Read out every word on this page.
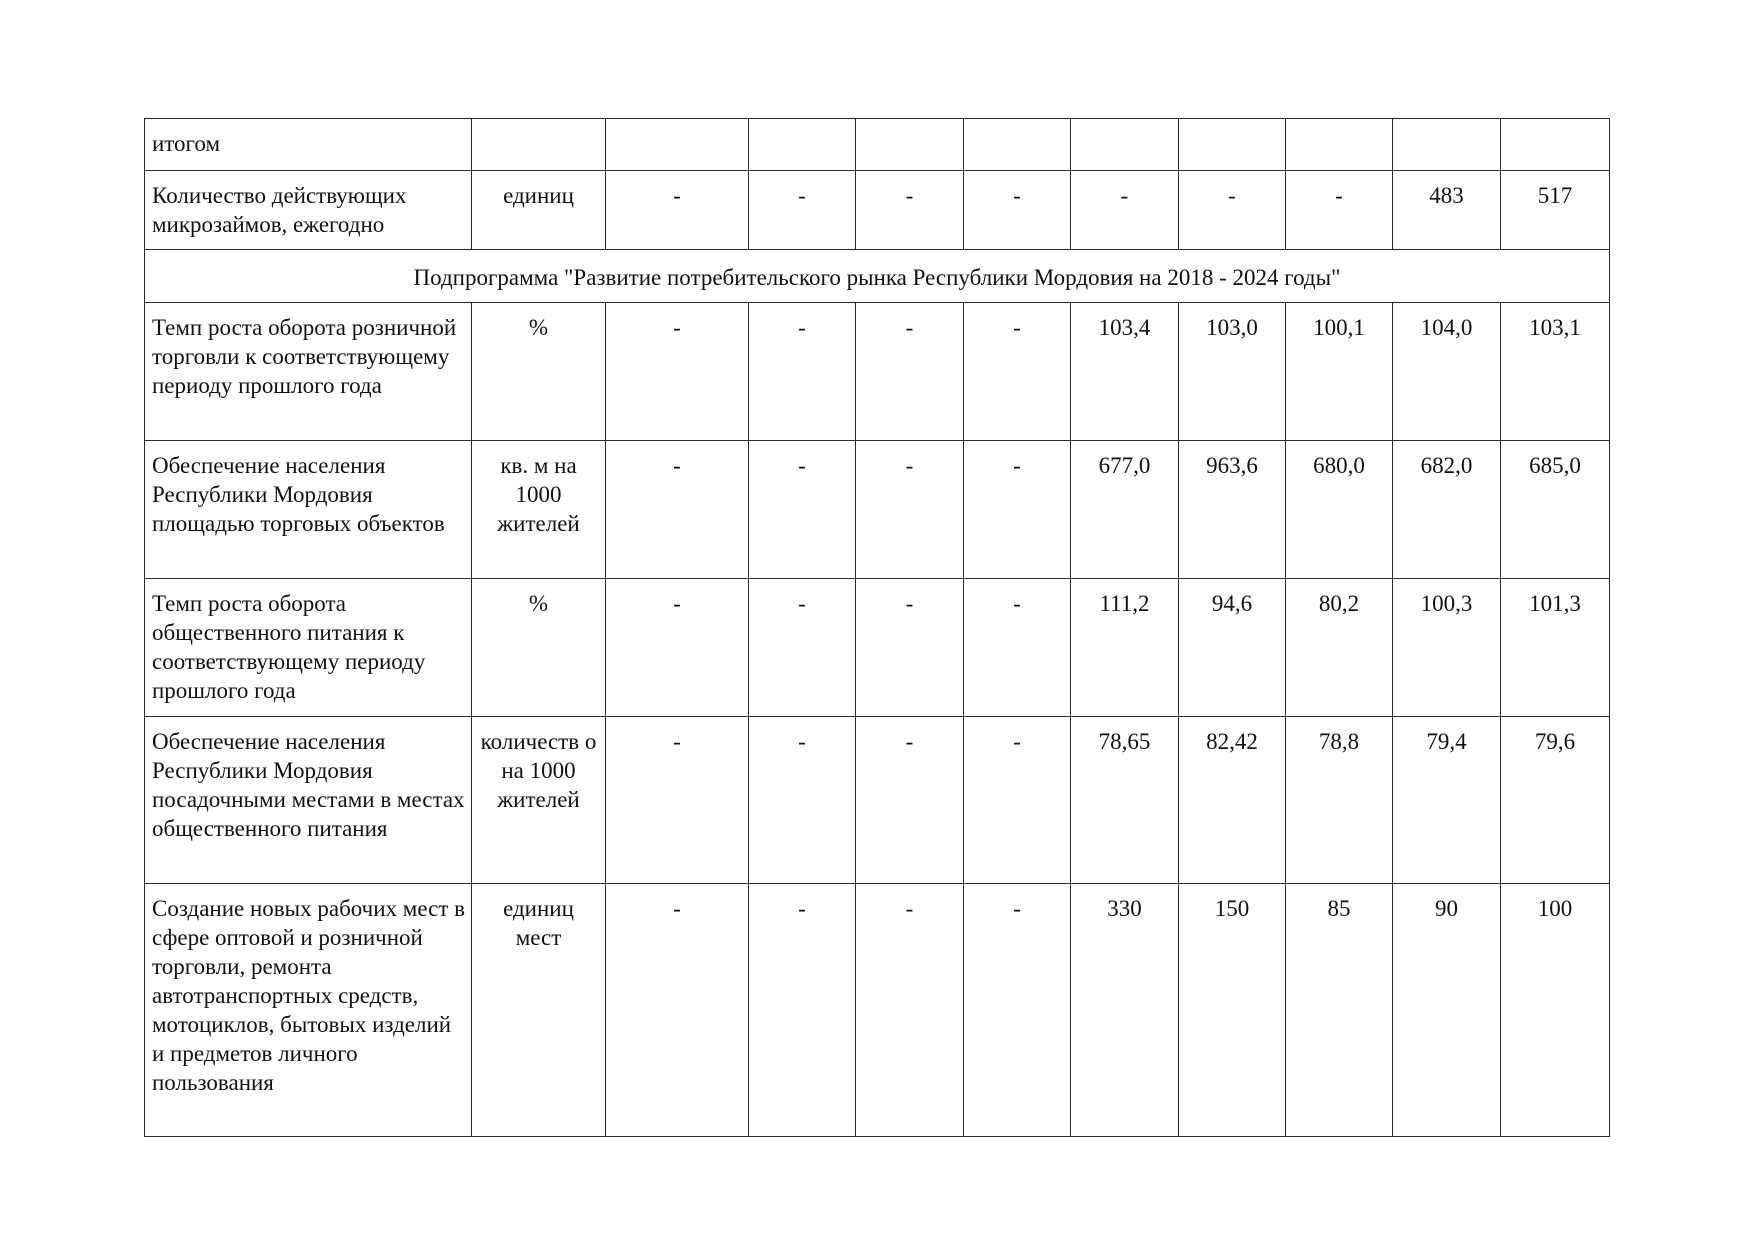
итогом										
Количество действующих микрозаймов, ежегодно	единиц	-	-	-	-	-	-	-	483	517
Подпрограмма "Развитие потребительского рынка Республики Мордовия на 2018 - 2024 годы"										
Темп роста оборота розничной торговли к соответствующему периоду прошлого года	%	-	-	-	-	103,4	103,0	100,1	104,0	103,1
Обеспечение населения Республики Мордовия площадью торговых объектов	кв. м на 1000 жителей	-	-	-	-	677,0	963,6	680,0	682,0	685,0
Темп роста оборота общественного питания к соответствующему периоду прошлого года	%	-	-	-	-	111,2	94,6	80,2	100,3	101,3
Обеспечение населения Республики Мордовия посадочными местами в местах общественного питания	количеств о на 1000 жителей	-	-	-	-	78,65	82,42	78,8	79,4	79,6
Создание новых рабочих мест в сфере оптовой и розничной торговли, ремонта автотранспортных средств, мотоциклов, бытовых изделий и предметов личного пользования	единиц мест	-	-	-	-	330	150	85	90	100
